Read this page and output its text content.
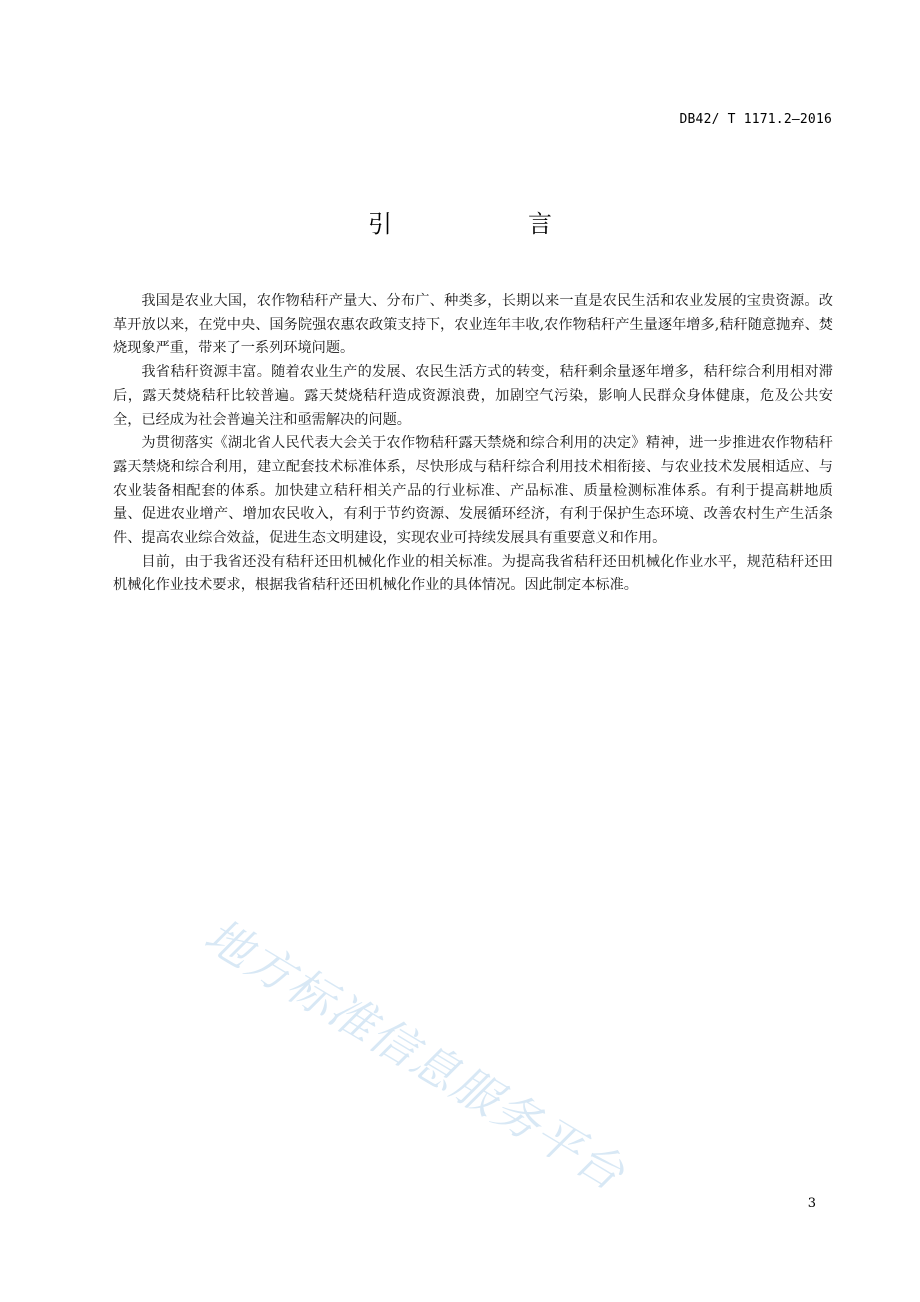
DB42/ T 1171.2—2016
引　言

我国是农业大国，农作物秸秆产量大、分布广、种类多，长期以来一直是农民生活和农业发展的宝贵资源。改革开放以来，在党中央、国务院强农惠农政策支持下，农业连年丰收,农作物秸秆产生量逐年增多,秸秆随意抛弃、焚烧现象严重，带来了一系列环境问题。

我省秸秆资源丰富。随着农业生产的发展、农民生活方式的转变，秸秆剩余量逐年增多，秸秆综合利用相对滞后，露天焚烧秸秆比较普遍。露天焚烧秸秆造成资源浪费，加剧空气污染，影响人民群众身体健康，危及公共安全，已经成为社会普遍关注和亟需解决的问题。

为贯彻落实《湖北省人民代表大会关于农作物秸秆露天禁烧和综合利用的决定》精神，进一步推进农作物秸秆露天禁烧和综合利用，建立配套技术标准体系，尽快形成与秸秆综合利用技术相衔接、与农业技术发展相适应、与农业装备相配套的体系。加快建立秸秆相关产品的行业标准、产品标准、质量检测标准体系。有利于提高耕地质量、促进农业增产、增加农民收入，有利于节约资源、发展循环经济，有利于保护生态环境、改善农村生产生活条件、提高农业综合效益，促进生态文明建设，实现农业可持续发展具有重要意义和作用。

目前，由于我省还没有秸秆还田机械化作业的相关标准。为提高我省秸秆还田机械化作业水平，规范秸秆还田机械化作业技术要求，根据我省秸秆还田机械化作业的具体情况。因此制定本标准。

地方标准信息服务平台
3
